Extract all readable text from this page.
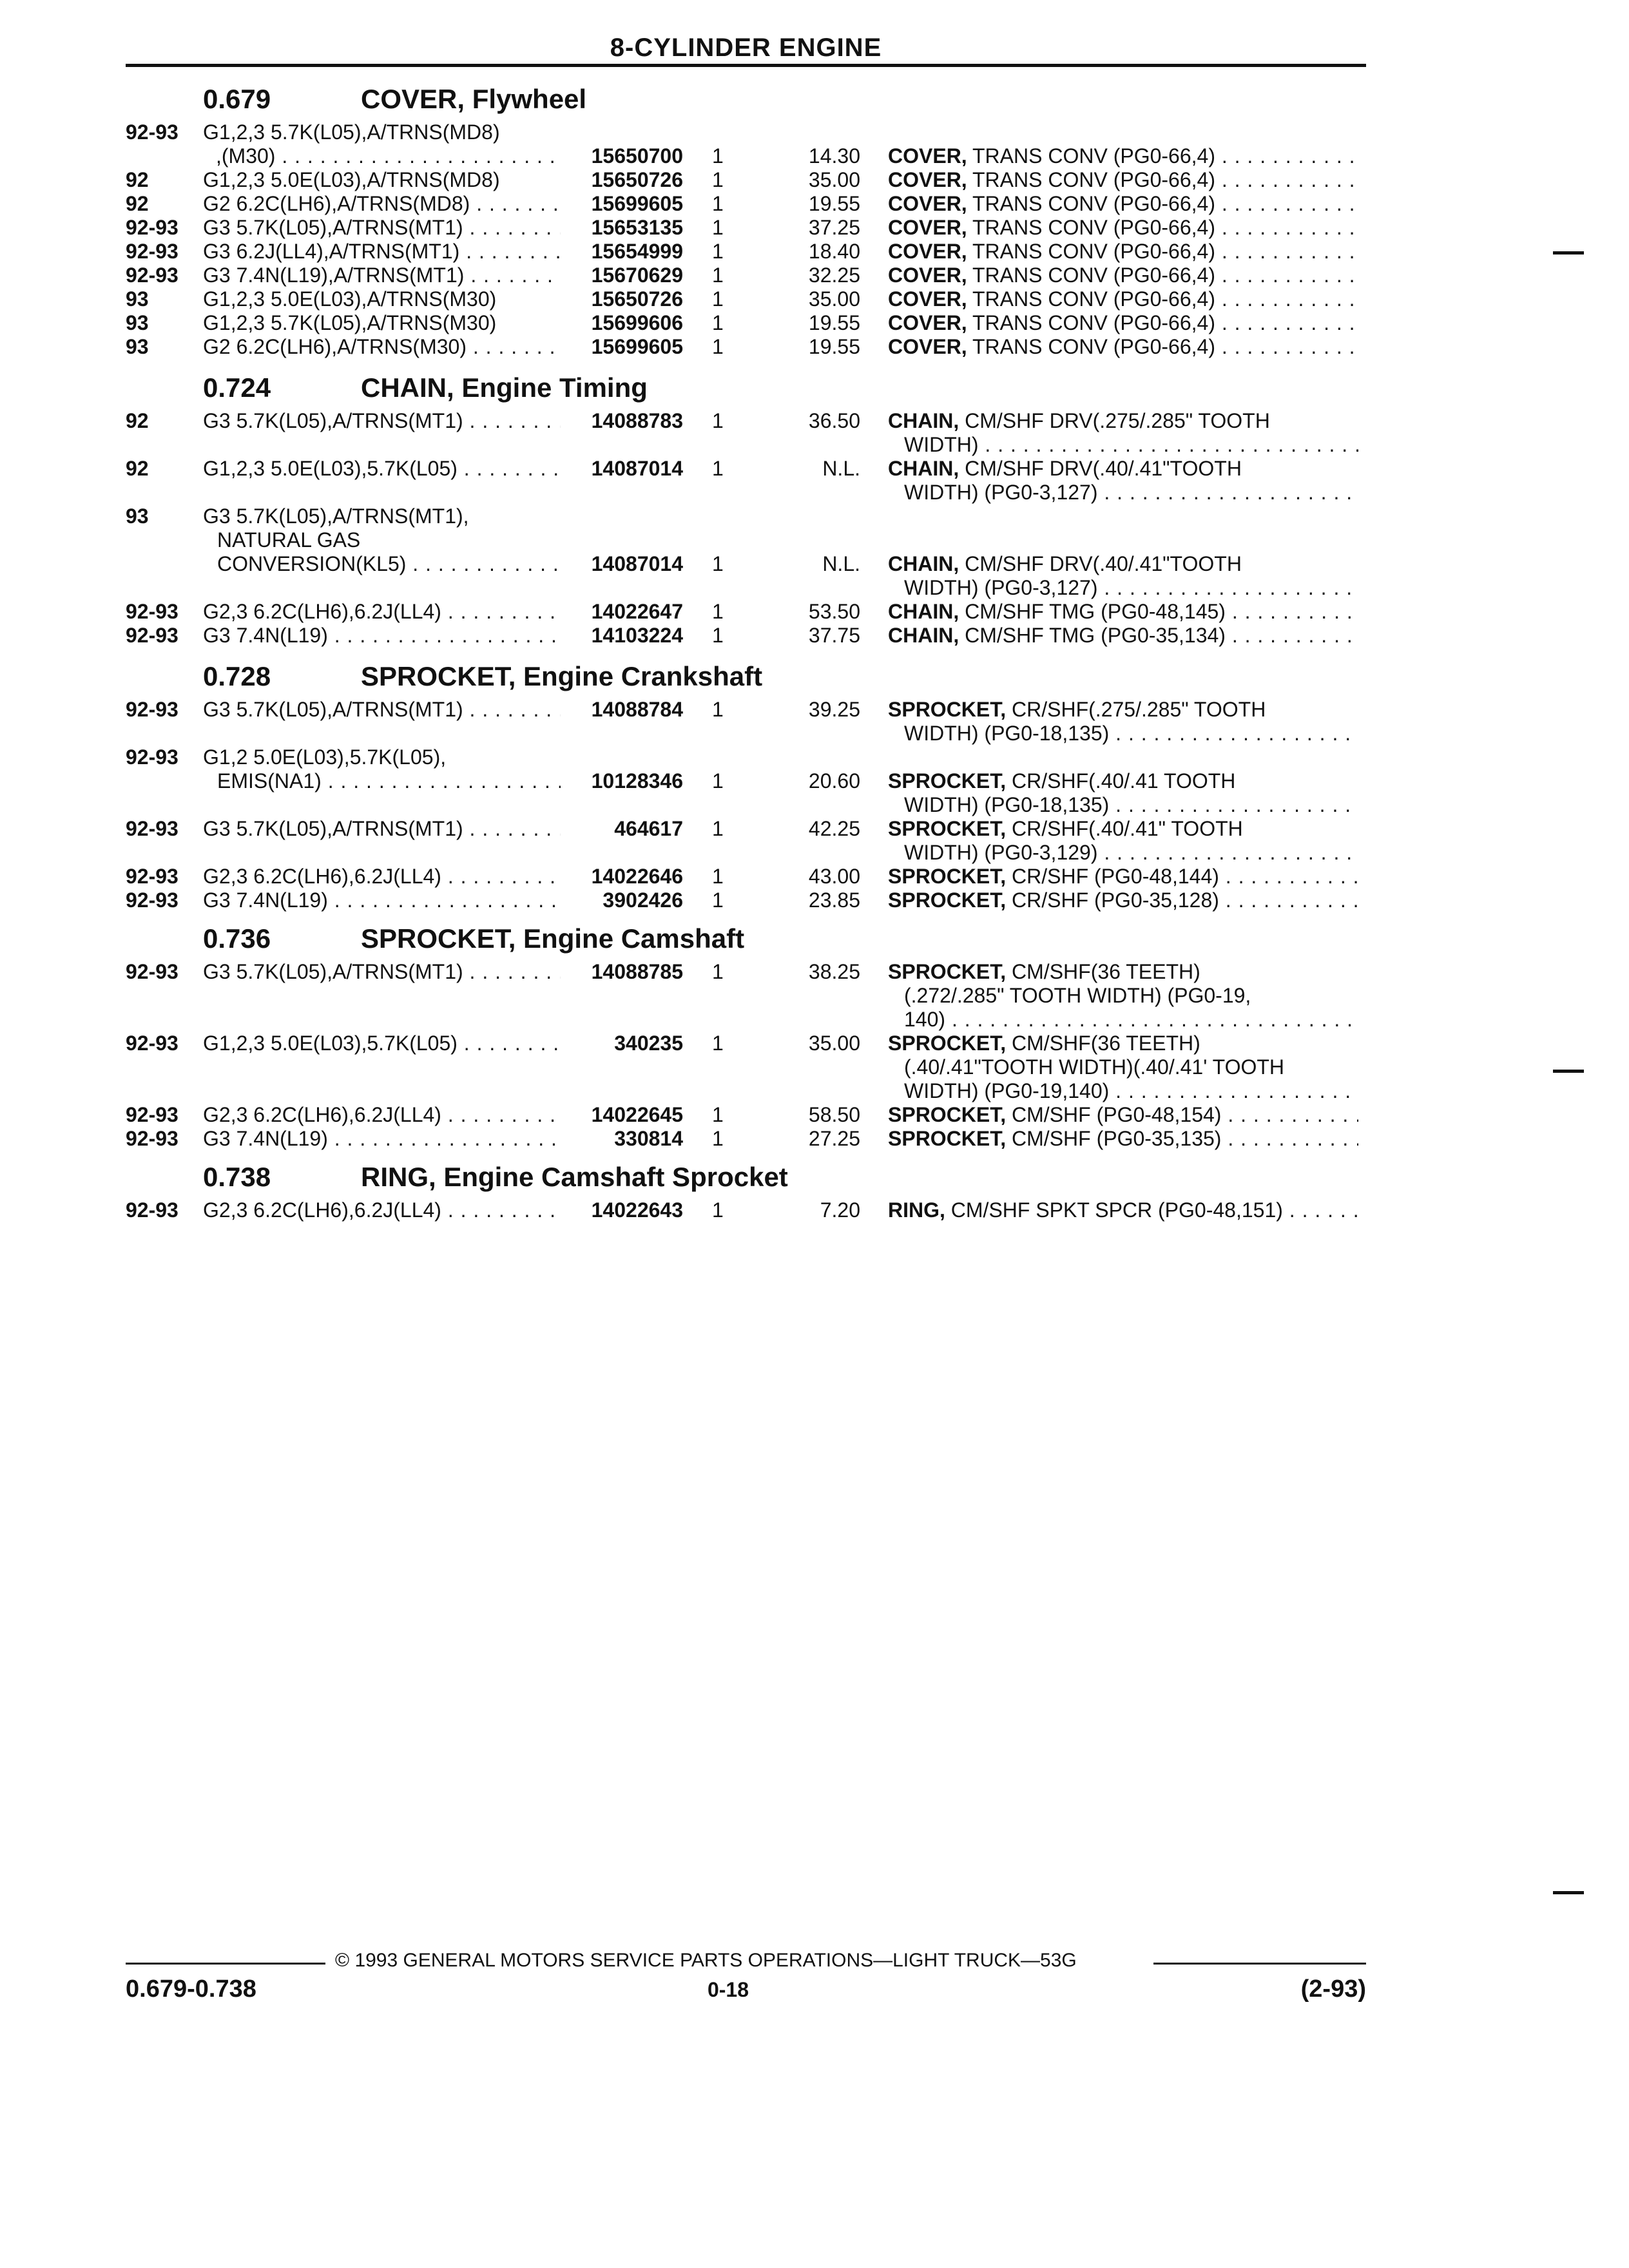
8-CYLINDER ENGINE
0.679	COVER, Flywheel
0.724	CHAIN, Engine Timing
0.728	SPROCKET, Engine Crankshaft
0.736	SPROCKET, Engine Camshaft
0.738	RING, Engine Camshaft Sprocket
92-93 G1,2,3 5.7K(L05),A/TRNS(MD8)
,(M30) . . .	15650700 1	14.30 COVER, TRANS CONV (PG0-66,4) . . .
92	G1,2,3 5.0E(L03),A/TRNS(MD8)	15650726 1	35.00 COVER, TRANS CONV (PG0-66,4) . . .
92	G2 6.2C(LH6),A/TRNS(MD8) . . .	15699605 1	19.55 COVER, TRANS CONV (PG0-66,4) . . .
92-93 G3 5.7K(L05),A/TRNS(MT1) . . .	15653135 1	37.25 COVER, TRANS CONV (PG0-66,4) . . .
92-93 G3 6.2J(LL4),A/TRNS(MT1) . . .	15654999 1	18.40 COVER, TRANS CONV (PG0-66,4) . . .
92-93 G3 7.4N(L19),A/TRNS(MT1) . . .	15670629 1	32.25 COVER, TRANS CONV (PG0-66,4) . . .
93	G1,2,3 5.0E(L03),A/TRNS(M30)	15650726 1	35.00 COVER, TRANS CONV (PG0-66,4) . . .
93	G1,2,3 5.7K(L05),A/TRNS(M30)	15699606 1	19.55 COVER, TRANS CONV (PG0-66,4) . . .
93	G2 6.2C(LH6),A/TRNS(M30) . . .	15699605 1	19.55 COVER, TRANS CONV (PG0-66,4) . . .
92	G3 5.7K(L05),A/TRNS(MT1) . . .	14088783 1	36.50 CHAIN, CM/SHF DRV(.275/.285" TOOTH
WIDTH) . . .
92	G1,2,3 5.0E(L03),5.7K(L05) . . .	14087014 1	N.L. CHAIN, CM/SHF DRV(.40/.41"TOOTH
WIDTH) (PG0-3,127) . . .
93	G3 5.7K(L05),A/TRNS(MT1),
NATURAL GAS
CONVERSION(KL5) . . .	14087014 1	N.L. CHAIN, CM/SHF DRV(.40/.41"TOOTH
WIDTH) (PG0-3,127) . . .
92-93 G2,3 6.2C(LH6),6.2J(LL4) . . .	14022647 1	53.50 CHAIN, CM/SHF TMG (PG0-48,145) . . .
92-93 G3 7.4N(L19) . . .	14103224 1	37.75 CHAIN, CM/SHF TMG (PG0-35,134) . . .
92-93 G3 5.7K(L05),A/TRNS(MT1) . . .	14088784 1	39.25 SPROCKET, CR/SHF(.275/.285" TOOTH
WIDTH) (PG0-18,135) . . .
92-93 G1,2 5.0E(L03),5.7K(L05),
EMIS(NA1) . . .	10128346 1	20.60 SPROCKET, CR/SHF(.40/.41 TOOTH
WIDTH) (PG0-18,135) . . .
92-93 G3 5.7K(L05),A/TRNS(MT1) . . .	464617 1	42.25 SPROCKET, CR/SHF(.40/.41" TOOTH
WIDTH) (PG0-3,129) . . .
92-93 G2,3 6.2C(LH6),6.2J(LL4) . . .	14022646 1	43.00 SPROCKET, CR/SHF (PG0-48,144) . . .
92-93 G3 7.4N(L19) . . .	3902426 1	23.85 SPROCKET, CR/SHF (PG0-35,128) . . .
92-93 G3 5.7K(L05),A/TRNS(MT1) . . .	14088785 1	38.25 SPROCKET, CM/SHF(36 TEETH)
(.272/.285" TOOTH WIDTH) (PG0-19,
140) . . .
92-93 G1,2,3 5.0E(L03),5.7K(L05) . . .	340235 1	35.00 SPROCKET, CM/SHF(36 TEETH)
(.40/.41"TOOTH WIDTH)(.40/.41' TOOTH
WIDTH) (PG0-19,140) . . .
92-93 G2,3 6.2C(LH6),6.2J(LL4) . . .	14022645 1	58.50 SPROCKET, CM/SHF (PG0-48,154) . . .
92-93 G3 7.4N(L19) . . .	330814 1	27.25 SPROCKET, CM/SHF (PG0-35,135) . . .
92-93 G2,3 6.2C(LH6),6.2J(LL4) . . .	14022643 1	7.20 RING, CM/SHF SPKT SPCR (PG0-48,151) . . .
© 1993 GENERAL MOTORS SERVICE PARTS OPERATIONS—LIGHT TRUCK—53G
0.679-0.738	0-18	(2-93)
